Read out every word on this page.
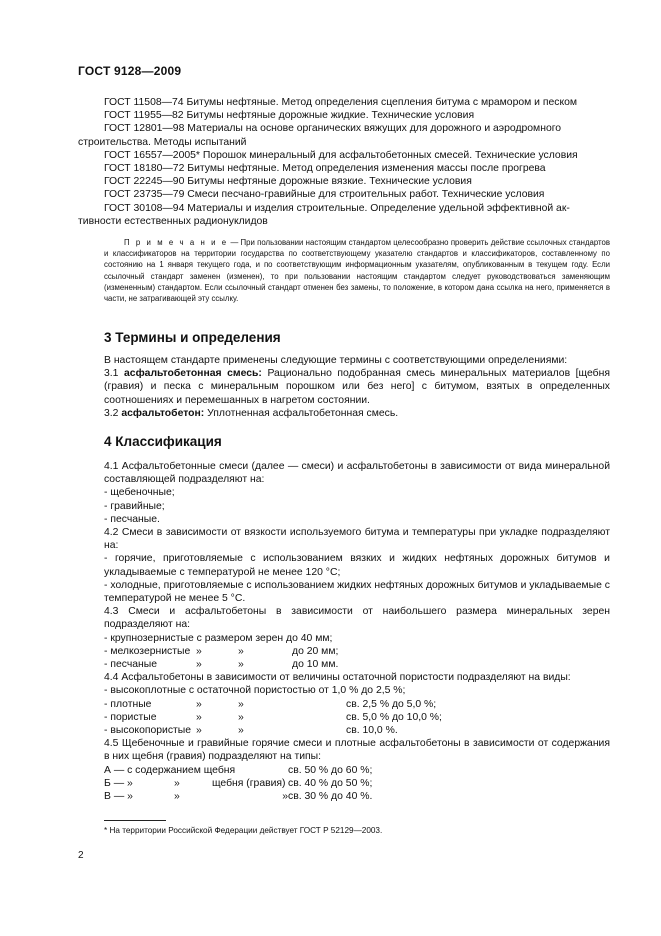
ГОСТ 9128—2009

ГОСТ 11508—74 Битумы нефтяные. Метод определения сцепления битума с мрамором и песком

ГОСТ 11955—82 Битумы нефтяные дорожные жидкие. Технические условия

ГОСТ 12801—98 Материалы на основе органических вяжущих для дорожного и аэродромного

строительства. Методы испытаний

ГОСТ 16557—2005* Порошок минеральный для асфальтобетонных смесей. Технические условия

ГОСТ 18180—72 Битумы нефтяные. Метод определения изменения массы после прогрева

ГОСТ 22245—90 Битумы нефтяные дорожные вязкие. Технические условия

ГОСТ 23735—79 Смеси песчано-гравийные для строительных работ. Технические условия

ГОСТ 30108—94 Материалы и изделия строительные. Определение удельной эффективной ак-

тивности естественных радионуклидов

П р и м е ч а н и е — При пользовании настоящим стандартом целесообразно проверить действие ссылочных стандартов и классификаторов на территории государства по соответствующему указателю стандартов и классификаторов, составленному по состоянию на 1 января текущего года, и по соответствующим информационным указателям, опубликованным в текущем году. Если ссылочный стандарт заменен (изменен), то при пользовании настоящим стандартом следует руководствоваться заменяющим (измененным) стандартом. Если ссылочный стандарт отменен без замены, то положение, в котором дана ссылка на него, применяется в части, не затрагивающей эту ссылку.
3 Термины и определения

В настоящем стандарте применены следующие термины с соответствующими определениями:

3.1 асфальтобетонная смесь: Рационально подобранная смесь минеральных материалов [щебня (гравия) и песка с минеральным порошком или без него] с битумом, взятых в определенных соотношениях и перемешанных в нагретом состоянии.

3.2 асфальтобетон: Уплотненная асфальтобетонная смесь.

4 Классификация

4.1 Асфальтобетонные смеси (далее — смеси) и асфальтобетоны в зависимости от вида минеральной составляющей подразделяют на:

- щебеночные;

- гравийные;

- песчаные.

4.2 Смеси в зависимости от вязкости используемого битума и температуры при укладке подразделяют на:

- горячие, приготовляемые с использованием вязких и жидких нефтяных дорожных битумов и укладываемые с температурой не менее 120 °С;

- холодные, приготовляемые с использованием жидких нефтяных дорожных битумов и укладываемые с температурой не менее 5 °С.

4.3 Смеси и асфальтобетоны в зависимости от наибольшего размера минеральных зерен подразделяют на:

- крупнозернистые с размером зерен до 40 мм;

- мелкозернистые »	»	до 20 мм;

- песчаные	»	»	до 10 мм.

4.4 Асфальтобетоны в зависимости от величины остаточной пористости подразделяют на виды:

- высокоплотные с остаточной пористостью от 1,0 % до 2,5 %;

- плотные	»	»	св. 2,5 % до 5,0 %;

- пористые	»	»	св. 5,0 % до 10,0 %;

- высокопористые »	»	св. 10,0 %.

4.5 Щебеночные и гравийные горячие смеси и плотные асфальтобетоны в зависимости от содержания в них щебня (гравия) подразделяют на типы:

А — с содержанием щебня	св. 50 % до 60 %;

Б — »	»	щебня (гравия) св. 40 % до 50 %;

В — »	»	»св. 30 % до 40 %.

* На территории Российской Федерации действует ГОСТ Р 52129—2003.
2
